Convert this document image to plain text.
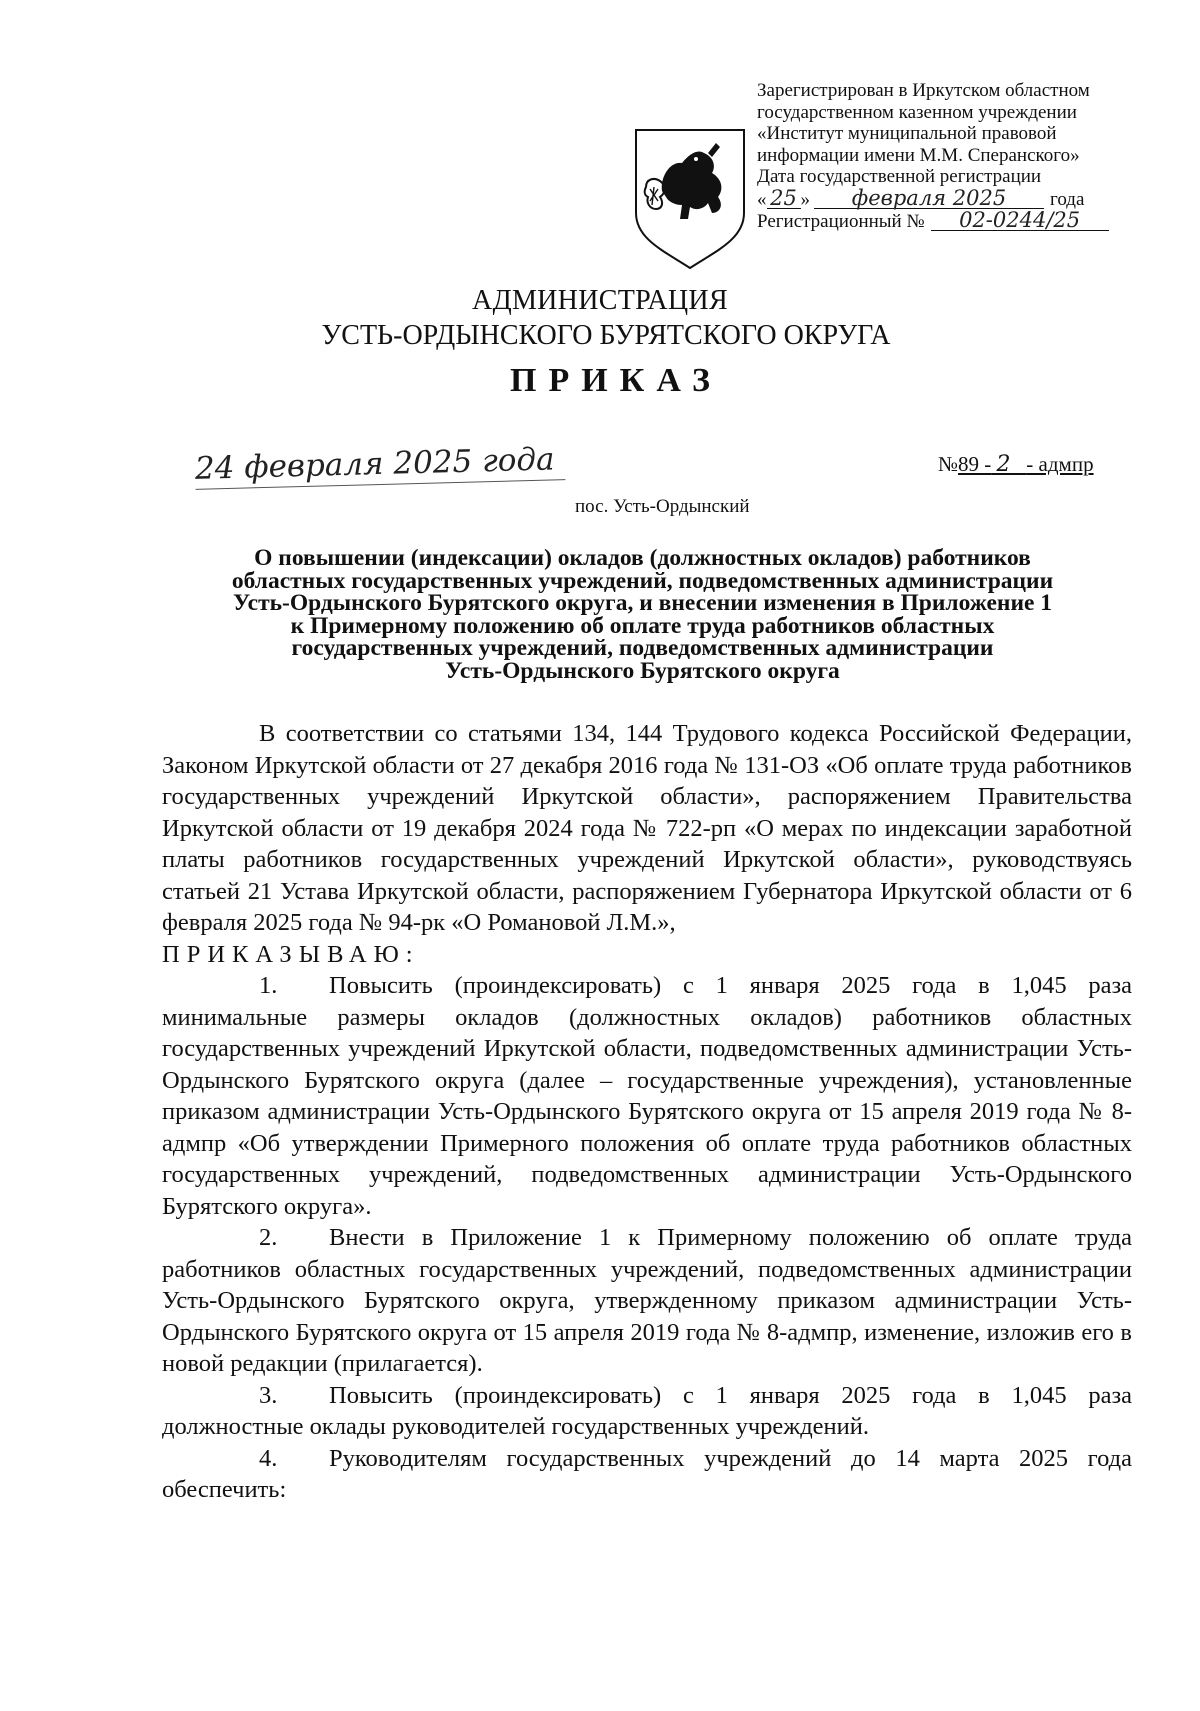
Зарегистрирован в Иркутском областном
государственном казенном учреждении
«Институт муниципальной правовой
информации имени М.М. Сперанского»
Дата государственной регистрации
« 25 »	февраля 2025	года
Регистрационный №	02-0244/25
АДМИНИСТРАЦИЯ
УСТЬ-ОРДЫНСКОГО БУРЯТСКОГО ОКРУГА
ПРИКАЗ
24 февраля 2025 года	№89 - 2 - адмпр
пос. Усть-Ордынский
О повышении (индексации) окладов (должностных окладов) работников
областных государственных учреждений, подведомственных администрации
Усть-Ордынского Бурятского округа, и внесении изменения в Приложение 1
к Примерному положению об оплате труда работников областных
государственных учреждений, подведомственных администрации
Усть-Ордынского Бурятского округа

В соответствии со статьями 134, 144 Трудового кодекса Российской Федерации, Законом Иркутской области от 27 декабря 2016 года № 131-ОЗ «Об оплате труда работников государственных учреждений Иркутской области», распоряжением Правительства Иркутской области от 19 декабря 2024 года № 722-рп «О мерах по индексации заработной платы работников государственных учреждений Иркутской области», руководствуясь статьей 21 Устава Иркутской области, распоряжением Губернатора Иркутской области от 6 февраля 2025 года № 94-рк «О Романовой Л.М.»,

ПРИКАЗЫВАЮ:

1. Повысить (проиндексировать) с 1 января 2025 года в 1,045 раза минимальные размеры окладов (должностных окладов) работников областных государственных учреждений Иркутской области, подведомственных администрации Усть-Ордынского Бурятского округа (далее – государственные учреждения), установленные приказом администрации Усть-Ордынского Бурятского округа от 15 апреля 2019 года № 8-адмпр «Об утверждении Примерного положения об оплате труда работников областных государственных учреждений, подведомственных администрации Усть-Ордынского Бурятского округа».

2. Внести в Приложение 1 к Примерному положению об оплате труда работников областных государственных учреждений, подведомственных администрации Усть-Ордынского Бурятского округа, утвержденному приказом администрации Усть-Ордынского Бурятского округа от 15 апреля 2019 года № 8-адмпр, изменение, изложив его в новой редакции (прилагается).

3. Повысить (проиндексировать) с 1 января 2025 года в 1,045 раза должностные оклады руководителей государственных учреждений.

4. Руководителям государственных учреждений до 14 марта 2025 года обеспечить:
